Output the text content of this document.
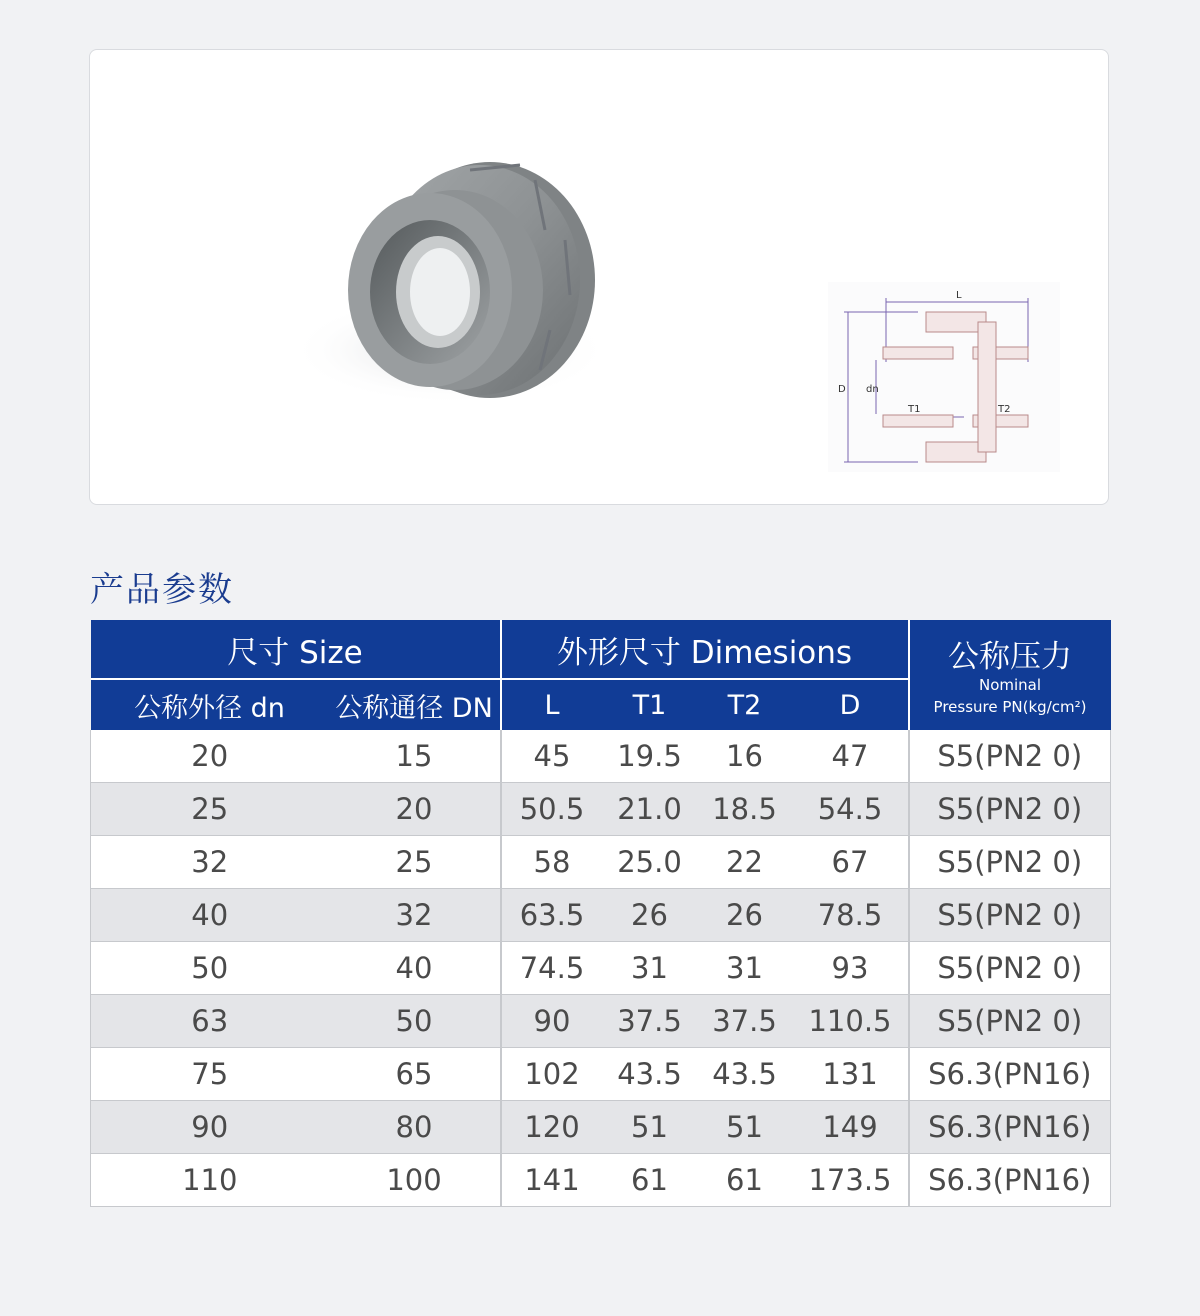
L
D dn
T1	T2
产品参数
尺寸 Size		外形尺寸 Dimesions				公称压力
Nominal
Pressure PN(kg/cm²)

公称外径 dn	公称通径 DN	L	T1	T2	D	
20	15	45	19.5	16	47	S5(PN2 0)
25	20	50.5	21.0	18.5	54.5	S5(PN2 0)
32	25	58	25.0	22	67	S5(PN2 0)
40	32	63.5	26	26	78.5	S5(PN2 0)
50	40	74.5	31	31	93	S5(PN2 0)
63	50	90	37.5	37.5	110.5	S5(PN2 0)
75	65	102	43.5	43.5	131	S6.3(PN16)
90	80	120	51	51	149	S6.3(PN16)
110	100	141	61	61	173.5	S6.3(PN16)
